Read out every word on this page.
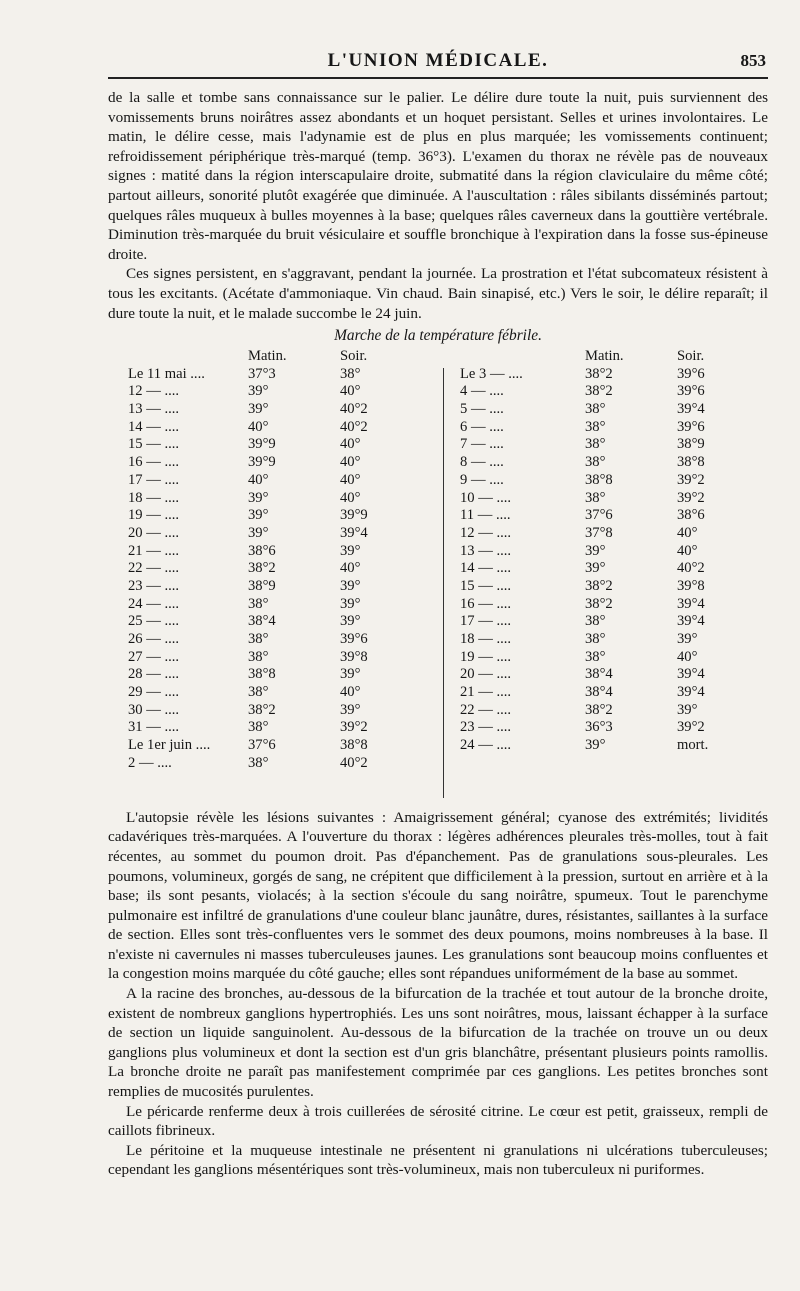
L'UNION MÉDICALE.	853

de la salle et tombe sans connaissance sur le palier. Le délire dure toute la nuit, puis surviennent des vomissements bruns noirâtres assez abondants et un hoquet persistant. Selles et urines involontaires. Le matin, le délire cesse, mais l'adynamie est de plus en plus marquée; les vomissements continuent; refroidissement périphérique très-marqué (temp. 36°3). L'examen du thorax ne révèle pas de nouveaux signes : matité dans la région interscapulaire droite, submatité dans la région claviculaire du même côté; partout ailleurs, sonorité plutôt exagérée que diminuée. A l'auscultation : râles sibilants disséminés partout; quelques râles muqueux à bulles moyennes à la base; quelques râles caverneux dans la gouttière vertébrale. Diminution très-marquée du bruit vésiculaire et souffle bronchique à l'expiration dans la fosse sus-épineuse droite.

Ces signes persistent, en s'aggravant, pendant la journée. La prostration et l'état subcomateux résistent à tous les excitants. (Acétate d'ammoniaque. Vin chaud. Bain sinapisé, etc.) Vers le soir, le délire reparaît; il dure toute la nuit, et le malade succombe le 24 juin.

Marche de la température fébrile.
Matin.	Soir.
Le 11 mai ....	37°3	38°
12 — ....	39°	40°
13 — ....	39°	40°2
14 — ....	40°	40°2
15 — ....	39°9	40°
16 — ....	39°9	40°
17 — ....	40°	40°
18 — ....	39°	40°
19 — ....	39°	39°9
20 — ....	39°	39°4
21 — ....	38°6	39°
22 — ....	38°2	40°
23 — ....	38°9	39°
24 — ....	38°	39°
25 — ....	38°4	39°
26 — ....	38°	39°6
27 — ....	38°	39°8
28 — ....	38°8	39°
29 — ....	38°	40°
30 — ....	38°2	39°
31 — ....	38°	39°2
Le 1er juin ....	37°6	38°8
2 — ....	38°	40°2
Matin.	Soir.
Le 3 — ....	38°2	39°6
4 — ....	38°2	39°6
5 — ....	38°	39°4
6 — ....	38°	39°6
7 — ....	38°	38°9
8 — ....	38°	38°8
9 — ....	38°8	39°2
10 — ....	38°	39°2
11 — ....	37°6	38°6
12 — ....	37°8	40°
13 — ....	39°	40°
14 — ....	39°	40°2
15 — ....	38°2	39°8
16 — ....	38°2	39°4
17 — ....	38°	39°4
18 — ....	38°	39°
19 — ....	38°	40°
20 — ....	38°4	39°4
21 — ....	38°4	39°4
22 — ....	38°2	39°
23 — ....	36°3	39°2
24 — ....	39°	mort.

L'autopsie révèle les lésions suivantes : Amaigrissement général; cyanose des extrémités; lividités cadavériques très-marquées. A l'ouverture du thorax : légères adhérences pleurales très-molles, tout à fait récentes, au sommet du poumon droit. Pas d'épanchement. Pas de granulations sous-pleurales. Les poumons, volumineux, gorgés de sang, ne crépitent que difficilement à la pression, surtout en arrière et à la base; ils sont pesants, violacés; à la section s'écoule du sang noirâtre, spumeux. Tout le parenchyme pulmonaire est infiltré de granulations d'une couleur blanc jaunâtre, dures, résistantes, saillantes à la surface de section. Elles sont très-confluentes vers le sommet des deux poumons, moins nombreuses à la base. Il n'existe ni cavernules ni masses tuberculeuses jaunes. Les granulations sont beaucoup moins confluentes et la congestion moins marquée du côté gauche; elles sont répandues uniformément de la base au sommet.

A la racine des bronches, au-dessous de la bifurcation de la trachée et tout autour de la bronche droite, existent de nombreux ganglions hypertrophiés. Les uns sont noirâtres, mous, laissant échapper à la surface de section un liquide sanguinolent. Au-dessous de la bifurcation de la trachée on trouve un ou deux ganglions plus volumineux et dont la section est d'un gris blanchâtre, présentant plusieurs points ramollis. La bronche droite ne paraît pas manifestement comprimée par ces ganglions. Les petites bronches sont remplies de mucosités purulentes.

Le péricarde renferme deux à trois cuillerées de sérosité citrine. Le cœur est petit, graisseux, rempli de caillots fibrineux.

Le péritoine et la muqueuse intestinale ne présentent ni granulations ni ulcérations tuberculeuses; cependant les ganglions mésentériques sont très-volumineux, mais non tuberculeux ni puriformes.
